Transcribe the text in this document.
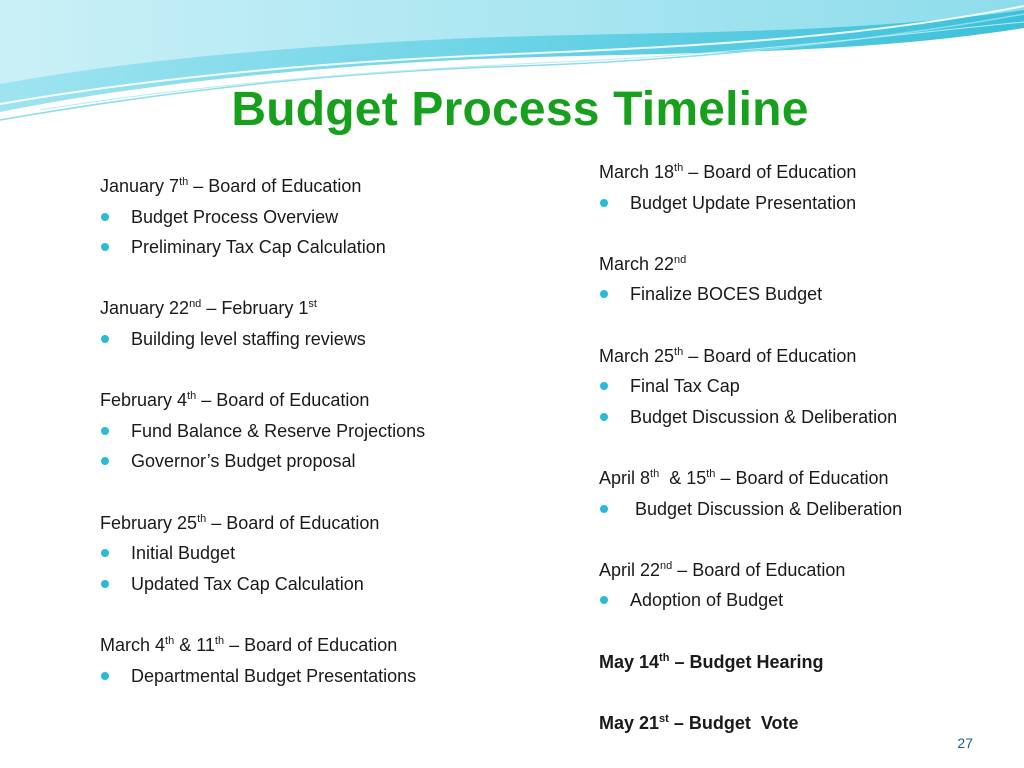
Budget Process Timeline
January 7th – Board of Education
Budget Process Overview
Preliminary Tax Cap Calculation
January 22nd – February 1st
Building level staffing reviews
February 4th – Board of Education
Fund Balance & Reserve Projections
Governor’s Budget proposal
February 25th – Board of Education
Initial Budget
Updated Tax Cap Calculation
March 4th & 11th – Board of Education
Departmental Budget Presentations
March 18th – Board of Education
Budget Update Presentation
March 22nd
Finalize BOCES Budget
March 25th – Board of Education
Final Tax Cap
Budget Discussion & Deliberation
April 8th  & 15th – Board of Education
Budget Discussion & Deliberation
April 22nd – Board of Education
Adoption of Budget
May 14th – Budget Hearing
May 21st – Budget  Vote
27
